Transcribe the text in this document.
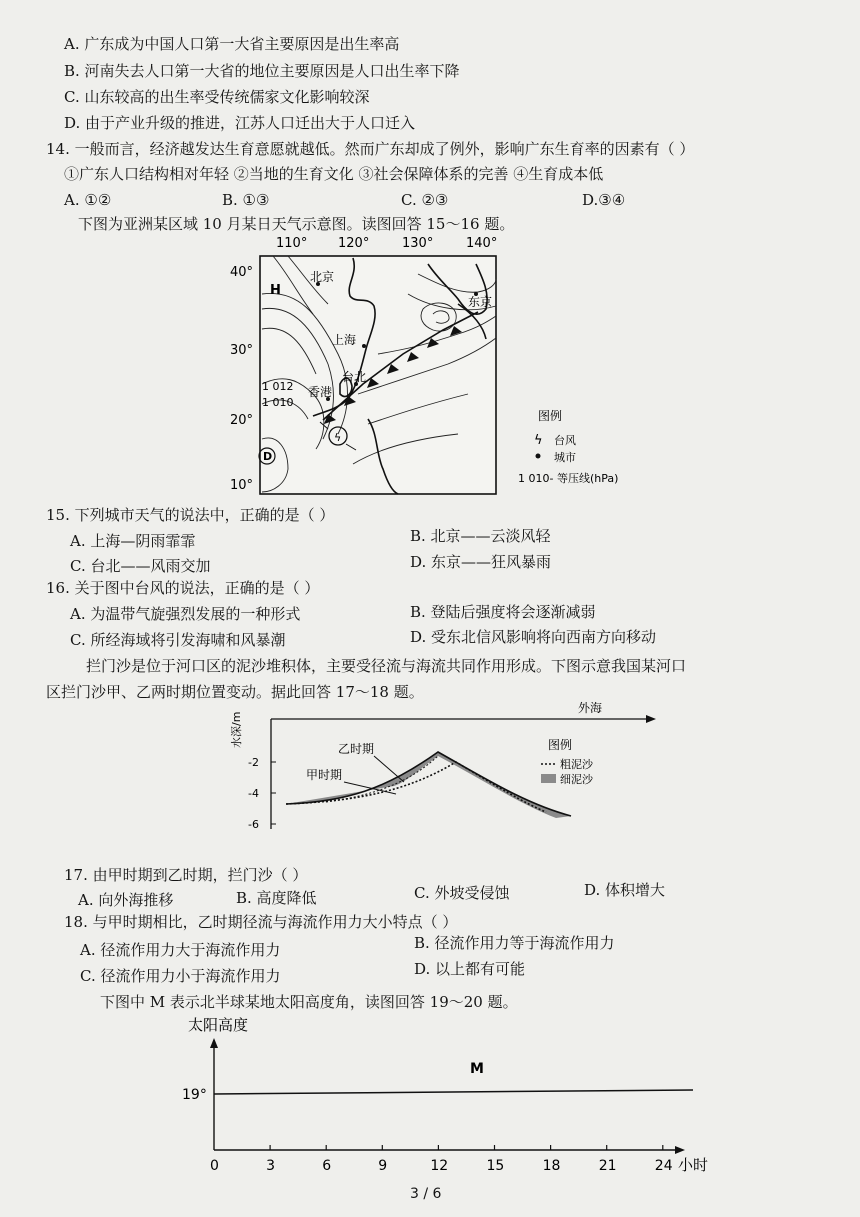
A. 广东成为中国人口第一大省主要原因是出生率高
B. 河南失去人口第一大省的地位主要原因是人口出生率下降
C. 山东较高的出生率受传统儒家文化影响较深
D. 由于产业升级的推进，江苏人口迁出大于人口迁入
14. 一般而言，经济越发达生育意愿就越低。然而广东却成了例外，影响广东生育率的因素有（ ）
①广东人口结构相对年轻 ②当地的生育文化 ③社会保障体系的完善 ④生育成本低
A. ①②	B. ①③	C. ②③	D.③④
下图为亚洲某区域 10 月某日天气示意图。读图回答 15～16 题。
110° 120°	130°	140°
40°
30°
20°
10°
H
D
ϟ
北京
上海
台北
香港
东京
1 012
1 010
图例
ϟ 台风
城市
1 010- 等压线(hPa)
15. 下列城市天气的说法中，正确的是（ ）
A. 上海—阴雨霏霏	B. 北京——云淡风轻
C. 台北——风雨交加	D. 东京——狂风暴雨
16. 关于图中台风的说法，正确的是（ ）
A. 为温带气旋强烈发展的一种形式	B. 登陆后强度将会逐渐减弱
C. 所经海域将引发海啸和风暴潮	D. 受东北信风影响将向西南方向移动
拦门沙是位于河口区的泥沙堆积体，主要受径流与海流共同作用形成。下图示意我国某河口
区拦门沙甲、乙两时期位置变动。据此回答 17～18 题。
外海
水深/m
-2
-4
-6
乙时期
甲时期
图例
粗泥沙
细泥沙
17. 由甲时期到乙时期，拦门沙（ ）
A. 向外海推移	B. 高度降低	C. 外坡受侵蚀	D. 体积增大
18. 与甲时期相比，乙时期径流与海流作用力大小特点（ ）
A. 径流作用力大于海流作用力	B. 径流作用力等于海流作用力
C. 径流作用力小于海流作用力	D. 以上都有可能
下图中 M 表示北半球某地太阳高度角，读图回答 19～20 题。
太阳高度
小时
19°
0	3	6	9	12	15	18	21	24
M
3 / 6
